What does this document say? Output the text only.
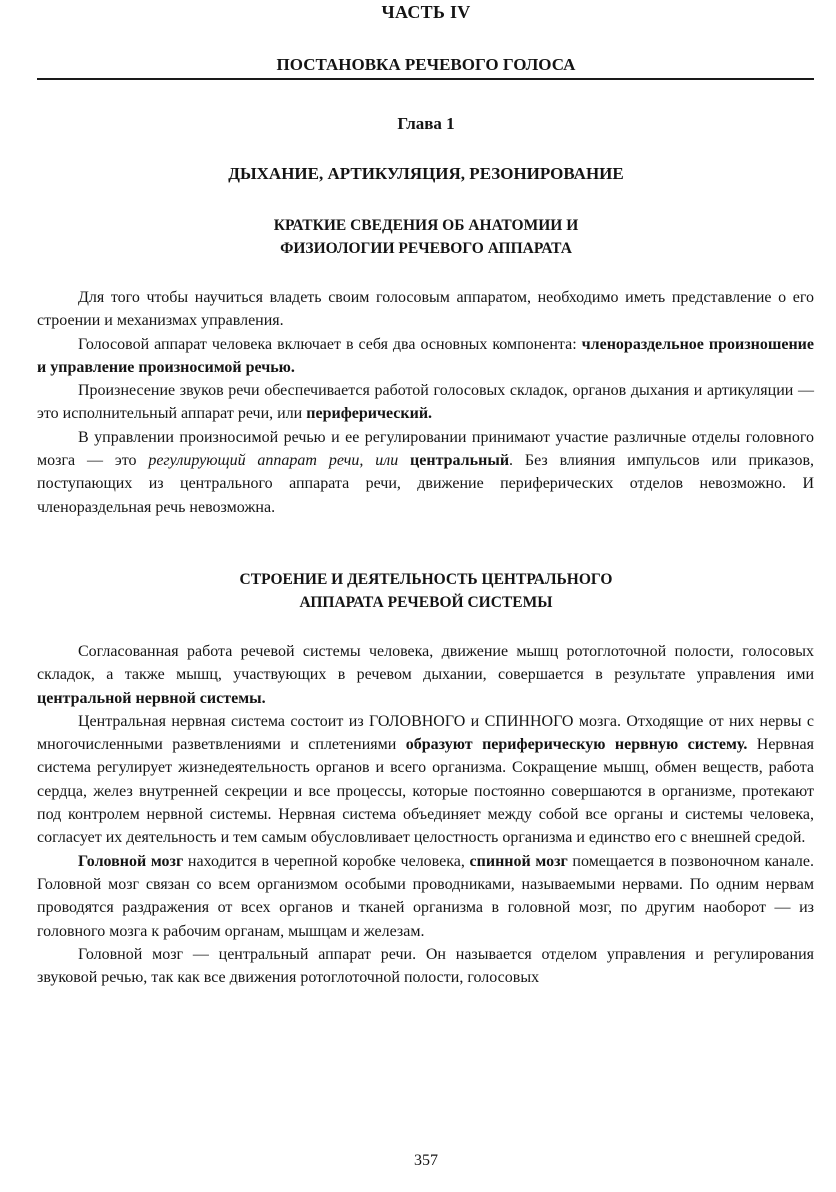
ЧАСТЬ IV
ПОСТАНОВКА РЕЧЕВОГО ГОЛОСА
Глава 1
ДЫХАНИЕ, АРТИКУЛЯЦИЯ, РЕЗОНИРОВАНИЕ
КРАТКИЕ СВЕДЕНИЯ ОБ АНАТОМИИ И
ФИЗИОЛОГИИ РЕЧЕВОГО АППАРАТА

Для того чтобы научиться владеть своим голосовым аппаратом, необходимо иметь представление о его строении и механизмах управления.

Голосовой аппарат человека включает в себя два основных компонента: членораздельное произношение и управление произносимой речью.

Произнесение звуков речи обеспечивается работой голосовых складок, органов дыхания и артикуляции — это исполнительный аппарат речи, или периферический.

В управлении произносимой речью и ее регулировании принимают участие различные отделы головного мозга — это регулирующий аппарат речи, или центральный. Без влияния импульсов или приказов, поступающих из центрального аппарата речи, движение периферических отделов невозможно. И членораздельная речь невозможна.

СТРОЕНИЕ И ДЕЯТЕЛЬНОСТЬ ЦЕНТРАЛЬНОГО
АППАРАТА РЕЧЕВОЙ СИСТЕМЫ

Согласованная работа речевой системы человека, движение мышц ротоглоточной полости, голосовых складок, а также мышц, участвующих в речевом дыхании, совершается в результате управления ими центральной нервной системы.

Центральная нервная система состоит из ГОЛОВНОГО и СПИННОГО мозга. Отходящие от них нервы с многочисленными разветвлениями и сплетениями образуют периферическую нервную систему. Нервная система регулирует жизнедеятельность органов и всего организма. Сокращение мышц, обмен веществ, работа сердца, желез внутренней секреции и все процессы, которые постоянно совершаются в организме, протекают под контролем нервной системы. Нервная система объединяет между собой все органы и системы человека, согласует их деятельность и тем самым обусловливает целостность организма и единство его с внешней средой.

Головной мозг находится в черепной коробке человека, спинной мозг помещается в позвоночном канале. Головной мозг связан со всем организмом особыми проводниками, называемыми нервами. По одним нервам проводятся раздражения от всех органов и тканей организма в головной мозг, по другим наоборот — из головного мозга к рабочим органам, мышцам и железам.

Головной мозг — центральный аппарат речи. Он называется отделом управления и регулирования звуковой речью, так как все движения ротоглоточной полости, голосовых

357
